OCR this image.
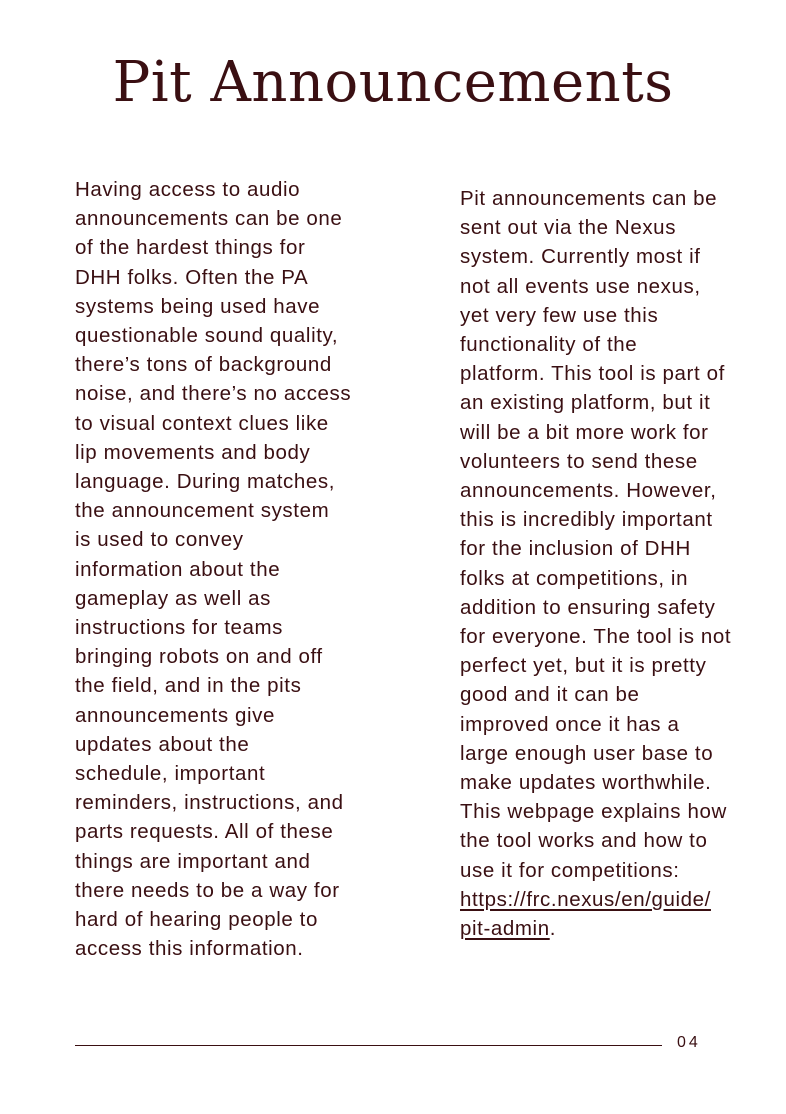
Pit Announcements

Having access to audio
announcements can be one
of the hardest things for
DHH folks. Often the PA
systems being used have
questionable sound quality,
there’s tons of background
noise, and there’s no access
to visual context clues like
lip movements and body
language. During matches,
the announcement system
is used to convey
information about the
gameplay as well as
instructions for teams
bringing robots on and off
the field, and in the pits
announcements give
updates about the
schedule, important
reminders, instructions, and
parts requests. All of these
things are important and
there needs to be a way for
hard of hearing people to
access this information.

Pit announcements can be
sent out via the Nexus
system. Currently most if
not all events use nexus,
yet very few use this
functionality of the
platform. This tool is part of
an existing platform, but it
will be a bit more work for
volunteers to send these
announcements. However,
this is incredibly important
for the inclusion of DHH
folks at competitions, in
addition to ensuring safety
for everyone. The tool is not
perfect yet, but it is pretty
good and it can be
improved once it has a
large enough user base to
make updates worthwhile.
This webpage explains how
the tool works and how to
use it for competitions:
https://frc.nexus/en/guide/
pit-admin.

04
